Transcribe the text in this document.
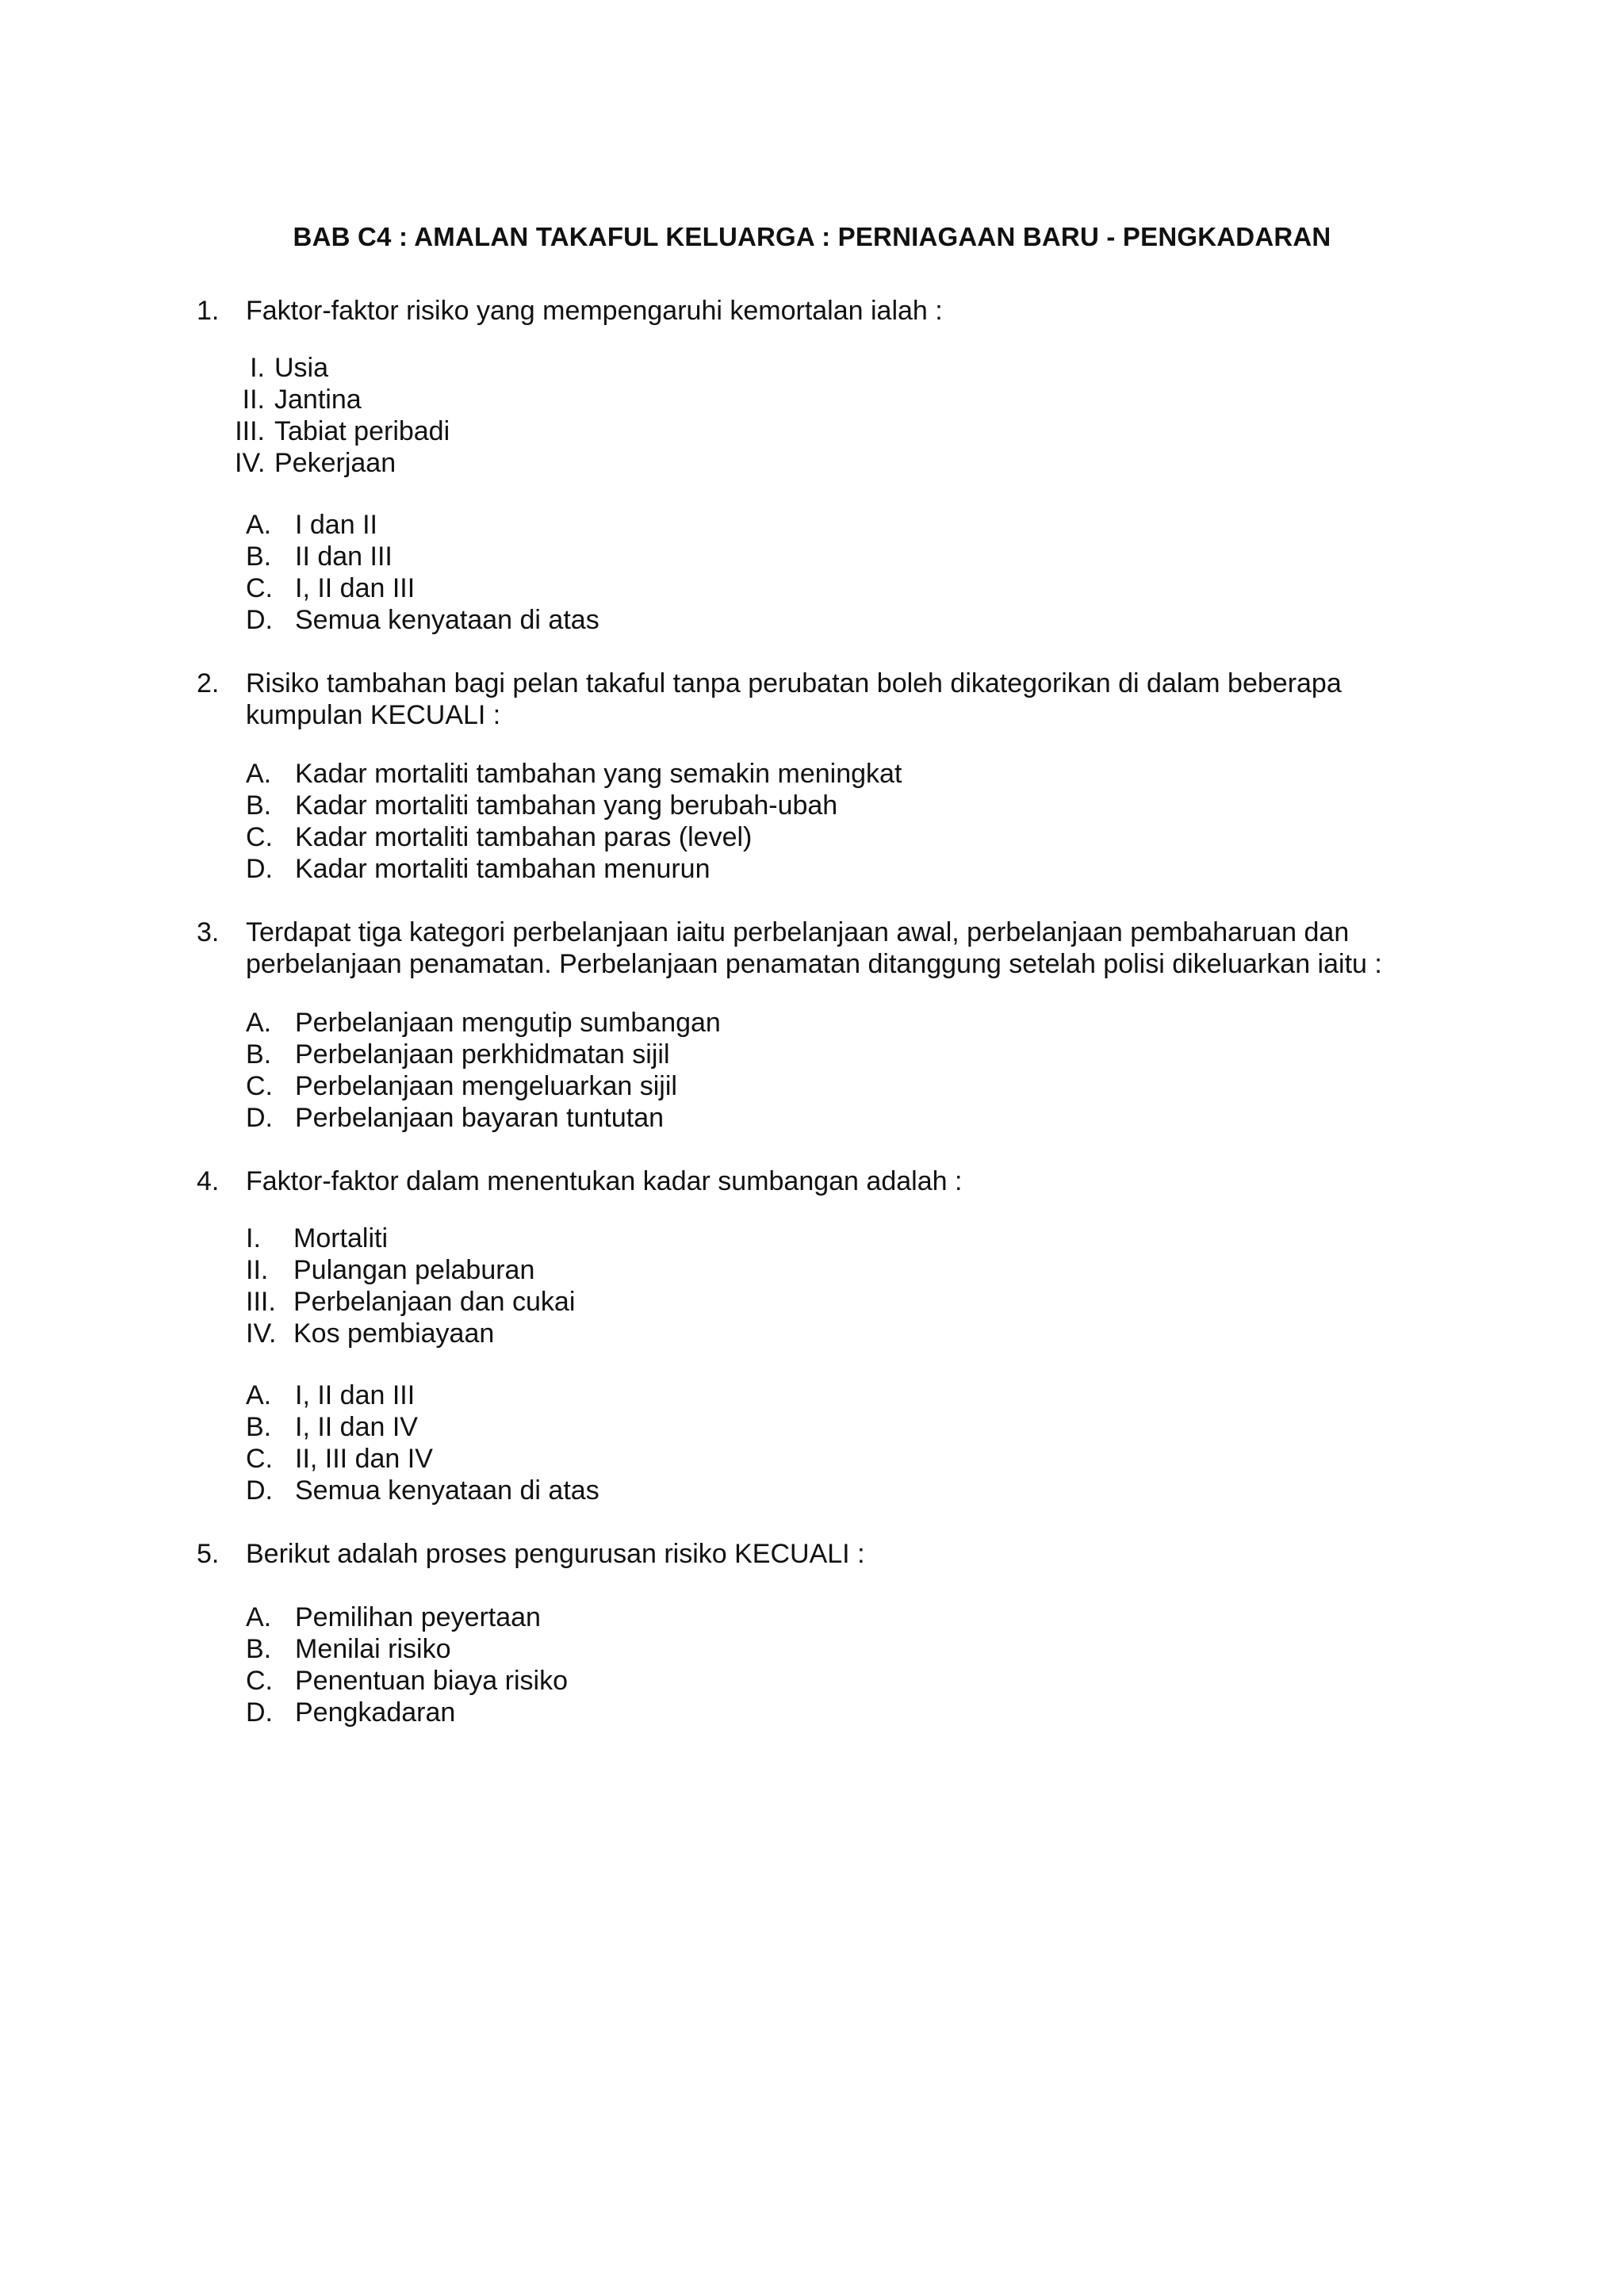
BAB C4 : AMALAN TAKAFUL KELUARGA : PERNIAGAAN BARU - PENGKADARAN
1. Faktor-faktor risiko yang mempengaruhi kemortalan ialah :
I. Usia
II. Jantina
III. Tabiat peribadi
IV. Pekerjaan
A. I dan II
B. II dan III
C. I, II dan III
D. Semua kenyataan di atas
2. Risiko tambahan bagi pelan takaful tanpa perubatan boleh dikategorikan di dalam beberapa
kumpulan KECUALI :
A. Kadar mortaliti tambahan yang semakin meningkat
B. Kadar mortaliti tambahan yang berubah-ubah
C. Kadar mortaliti tambahan paras (level)
D. Kadar mortaliti tambahan menurun
3. Terdapat tiga kategori perbelanjaan iaitu perbelanjaan awal, perbelanjaan pembaharuan dan
perbelanjaan penamatan. Perbelanjaan penamatan ditanggung setelah polisi dikeluarkan iaitu :
A. Perbelanjaan mengutip sumbangan
B. Perbelanjaan perkhidmatan sijil
C. Perbelanjaan mengeluarkan sijil
D. Perbelanjaan bayaran tuntutan
4. Faktor-faktor dalam menentukan kadar sumbangan adalah :
I.	Mortaliti
II. Pulangan pelaburan
III. Perbelanjaan dan cukai
IV. Kos pembiayaan
A. I, II dan III
B. I, II dan IV
C. II, III dan IV
D. Semua kenyataan di atas
5. Berikut adalah proses pengurusan risiko KECUALI :
A. Pemilihan peyertaan
B. Menilai risiko
C. Penentuan biaya risiko
D. Pengkadaran
